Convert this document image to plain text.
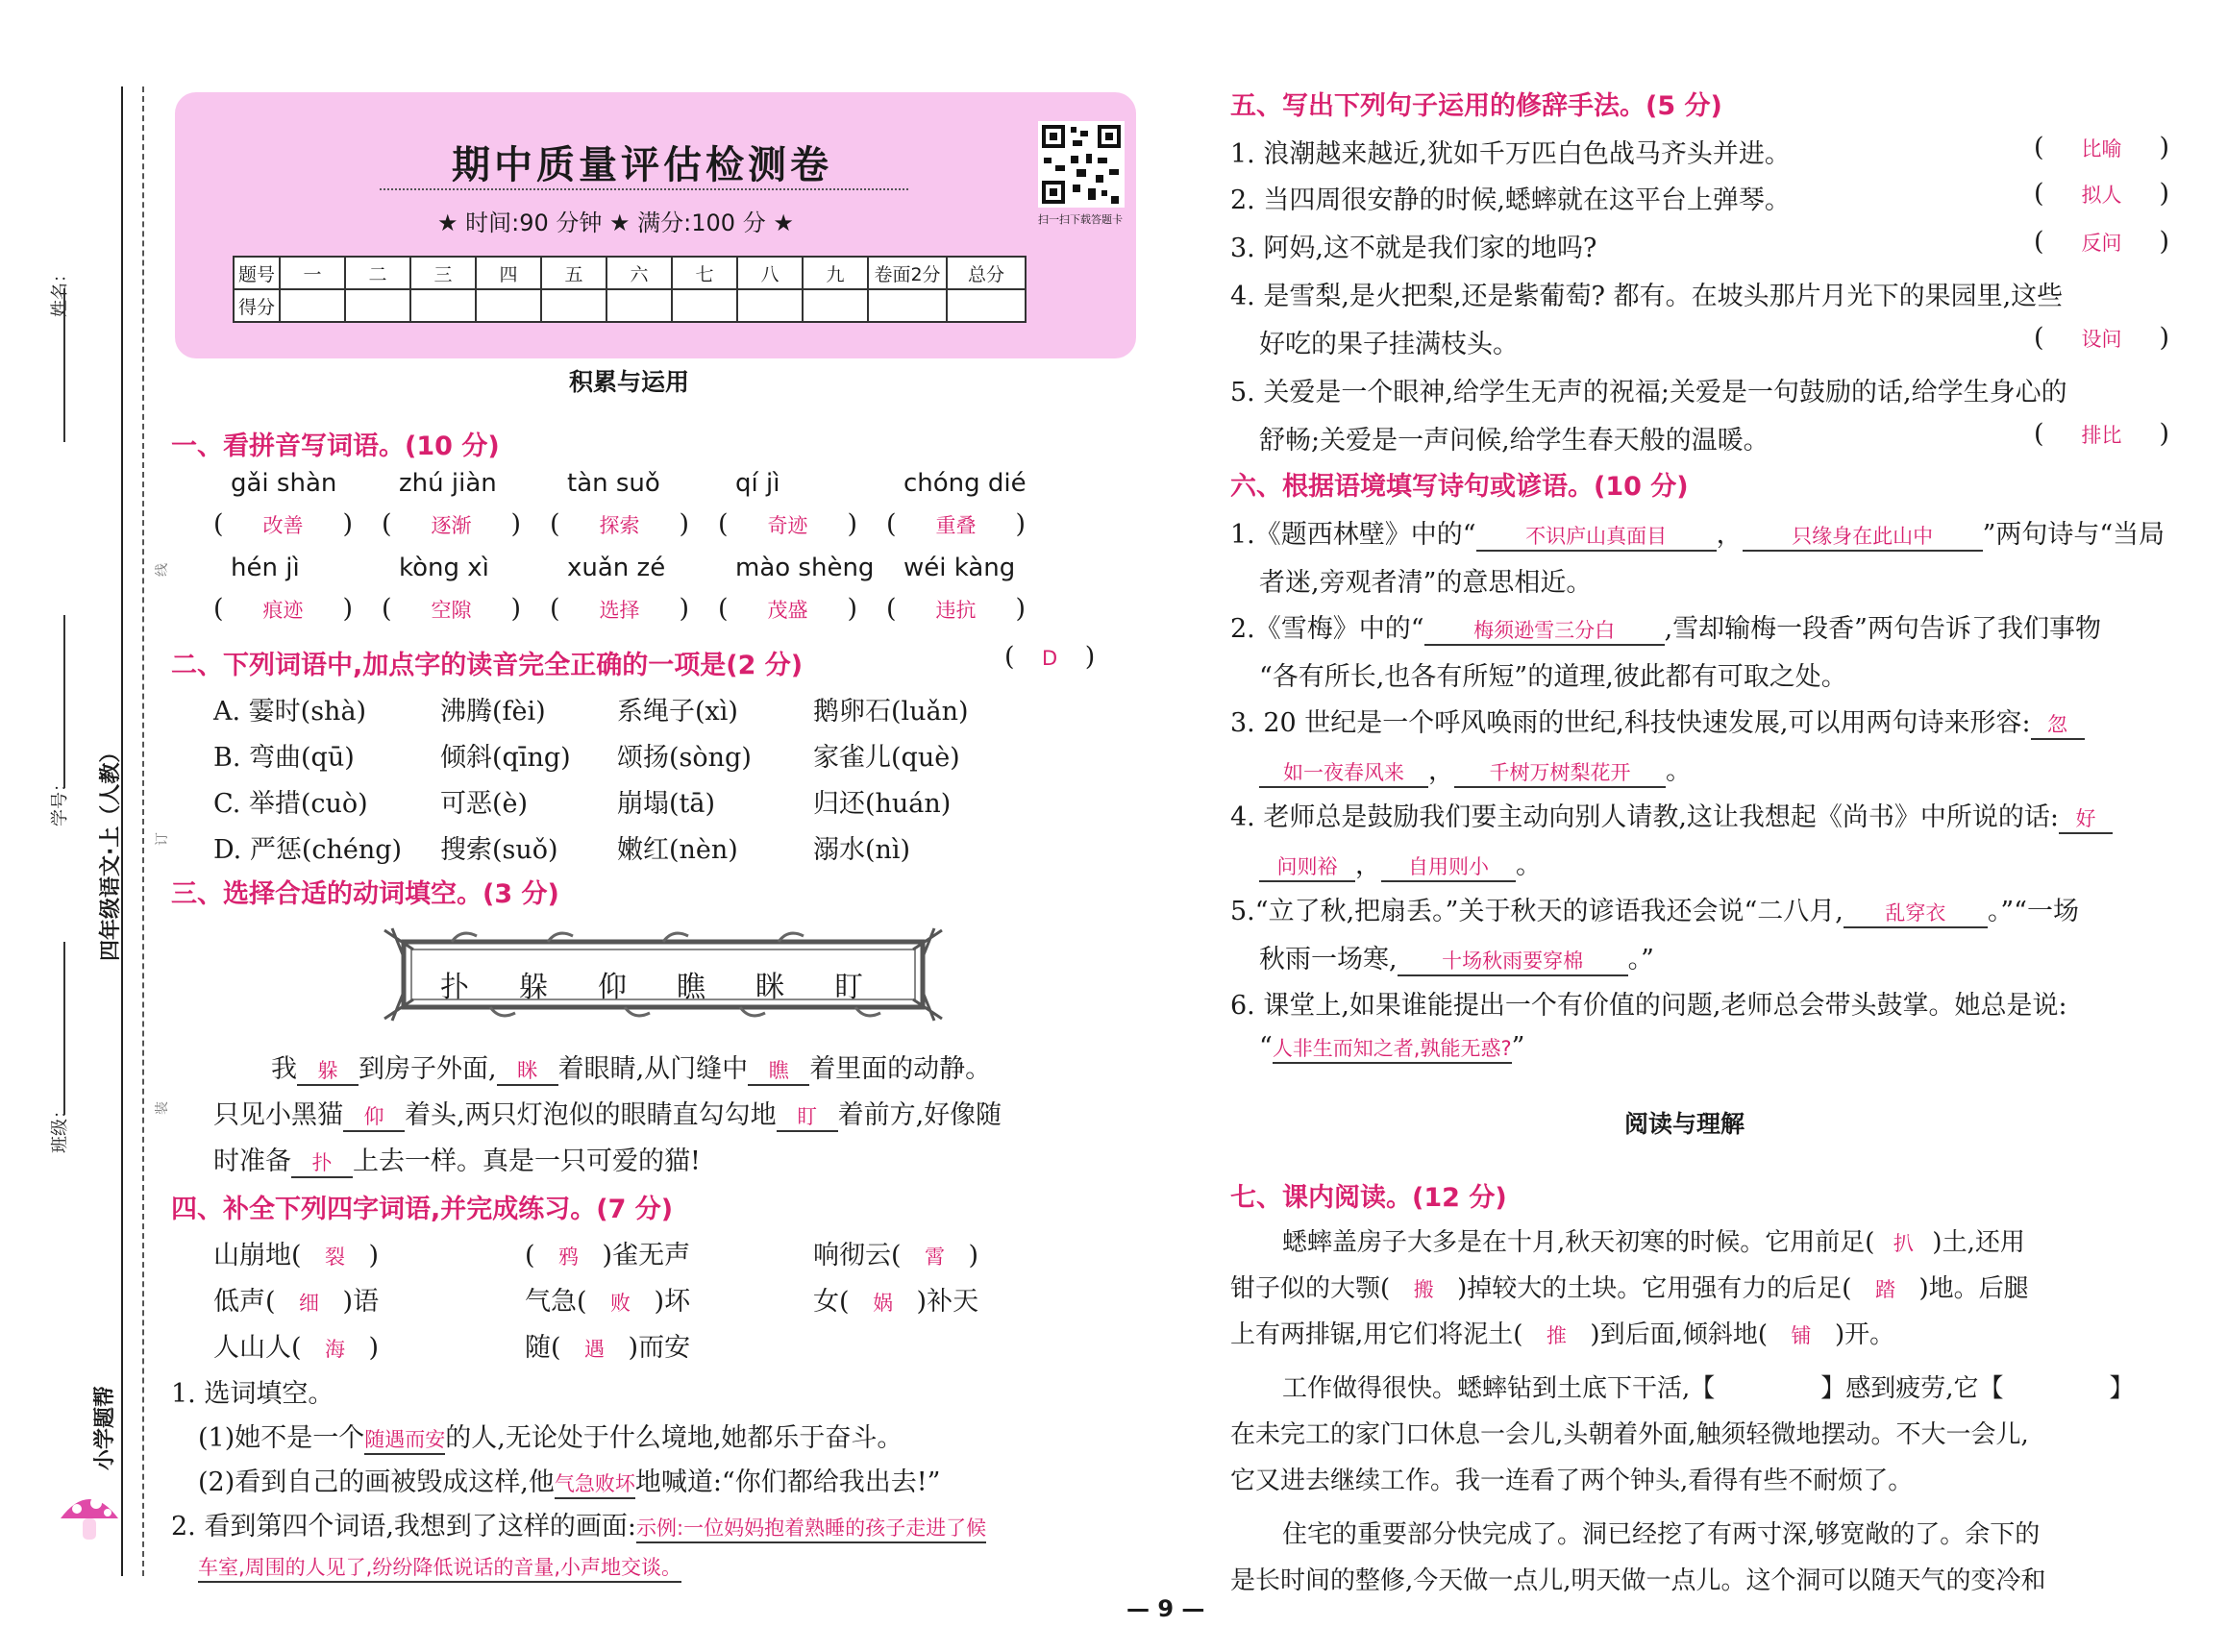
姓名：
学号：
班级：
四年级语文·上（人教）
线
订
装
小学题帮
期中质量评估检测卷
★ 时间:90 分钟 ★ 满分:100 分 ★	扫一扫下载答题卡
题号	一	二	三	四	五	六	七	八	九	卷面2分	总分
得分											
积累与运用
一、看拼音写词语。(10 分)
gǎi shàn
( 改善 )
zhú jiàn
( 逐渐 )
tàn suǒ
( 探索 )
qí jì
( 奇迹 )
chóng dié
( 重叠 )
hén jì
( 痕迹 )
kòng xì
( 空隙 )
xuǎn zé
( 选择 )
mào shèng
( 茂盛 )
wéi kàng
( 违抗 )
二、下列词语中,加点字的读音完全正确的一项是(2 分)	( D )
A. 霎时(shà)	沸腾(fèi)	系绳子(xì)	鹅卵石(luǎn)
B. 弯曲(qū)	倾斜(qīng) 颂扬(sòng) 家雀儿(què)
C. 举措(cuò)	可恶(è)	崩塌(tā)	归还(huán)
D. 严惩(chéng) 搜索(suǒ) 嫩红(nèn)	溺水(nì)
三、选择合适的动词填空。(3 分)
扑 躲 仰 瞧 眯 盯
我 躲 到房子外面, 眯 着眼睛,从门缝中 瞧 着里面的动静。
只见小黑猫 仰 着头,两只灯泡似的眼睛直勾勾地 盯 着前方,好像随
时准备 扑 上去一样。真是一只可爱的猫!
四、补全下列四字词语,并完成练习。(7 分)
山崩地( 裂 )	( 鸦 )雀无声	响彻云( 霄 )
低声( 细 )语	气急( 败 )坏	女( 娲 )补天
人山人( 海 )	随( 遇 )而安
1. 选词填空。
(1)她不是一个随遇而安的人,无论处于什么境地,她都乐于奋斗。
(2)看到自己的画被毁成这样,他气急败坏地喊道:“你们都给我出去!”
2. 看到第四个词语,我想到了这样的画面:示例:一位妈妈抱着熟睡的孩子走进了候
车室,周围的人见了,纷纷降低说话的音量,小声地交谈。
五、写出下列句子运用的修辞手法。(5 分)
1. 浪潮越来越近,犹如千万匹白色战马齐头并进。	( 比喻 )
2. 当四周很安静的时候,蟋蟀就在这平台上弹琴。	( 拟人 )
3. 阿妈,这不就是我们家的地吗?	( 反问 )
4. 是雪梨,是火把梨,还是紫葡萄? 都有。在坡头那片月光下的果园里,这些
好吃的果子挂满枝头。	( 设问 )
5. 关爱是一个眼神,给学生无声的祝福;关爱是一句鼓励的话,给学生身心的
舒畅;关爱是一声问候,给学生春天般的温暖。	( 排比 )
六、根据语境填写诗句或谚语。(10 分)
1.《题西林壁》中的“ 不识庐山真面目 ， 只缘身在此山中 ”两句诗与“当局
者迷,旁观者清”的意思相近。
2.《雪梅》中的“ 梅须逊雪三分白 ,雪却输梅一段香”两句告诉了我们事物
“各有所长,也各有所短”的道理,彼此都有可取之处。
3. 20 世纪是一个呼风唤雨的世纪,科技快速发展,可以用两句诗来形容: 忽
如一夜春风来 ， 千树万树梨花开 。
4. 老师总是鼓励我们要主动向别人请教,这让我想起《尚书》中所说的话: 好
问则裕 ， 自用则小 。
5.“立了秋,把扇丢。”关于秋天的谚语我还会说“二八月, 乱穿衣 。”“一场
秋雨一场寒, 十场秋雨要穿棉 。”
6. 课堂上,如果谁能提出一个有价值的问题,老师总会带头鼓掌。她总是说:
“人非生而知之者,孰能无惑?”
阅读与理解
七、课内阅读。(12 分)
蟋蟀盖房子大多是在十月,秋天初寒的时候。它用前足( 扒 )土,还用
钳子似的大颚( 搬 )掉较大的土块。它用强有力的后足( 踏 )地。后腿
上有两排锯,用它们将泥土( 推 )到后面,倾斜地( 铺 )开。
工作做得很快。蟋蟀钻到土底下干活,【	】感到疲劳,它【	】
在未完工的家门口休息一会儿,头朝着外面,触须轻微地摆动。不大一会儿,
它又进去继续工作。我一连看了两个钟头,看得有些不耐烦了。
住宅的重要部分快完成了。洞已经挖了有两寸深,够宽敞的了。余下的
是长时间的整修,今天做一点儿,明天做一点儿。这个洞可以随天气的变冷和
— 9 —
